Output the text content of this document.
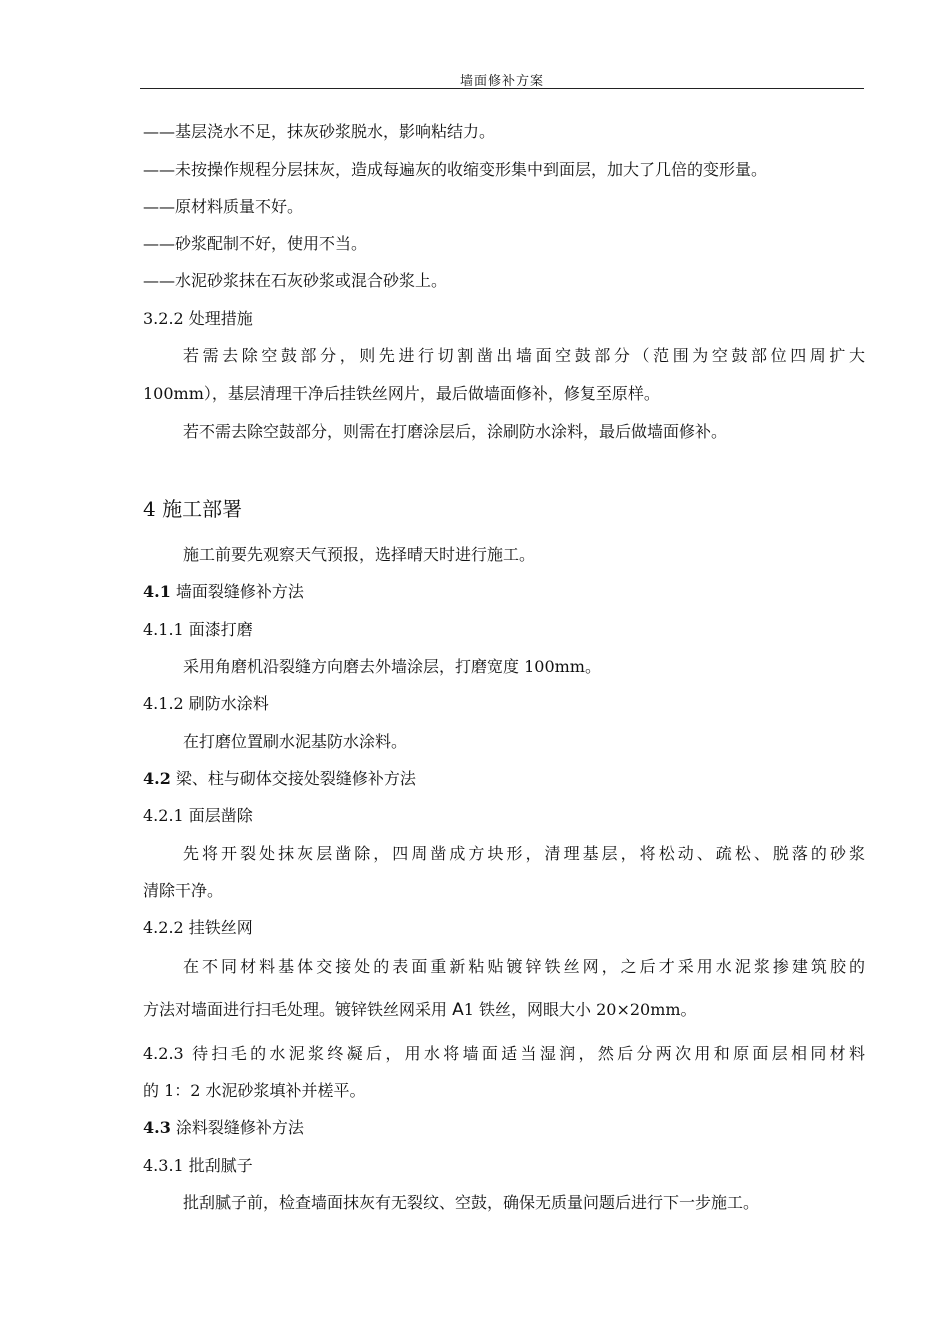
墙面修补方案
——基层浇水不足，抹灰砂浆脱水，影响粘结力。
——未按操作规程分层抹灰，造成每遍灰的收缩变形集中到面层，加大了几倍的变形量。
——原材料质量不好。
——砂浆配制不好，使用不当。
——水泥砂浆抹在石灰砂浆或混合砂浆上。
3.2.2 处理措施
若需去除空鼓部分，则先进行切割凿出墙面空鼓部分（范围为空鼓部位四周扩大
100mm），基层清理干净后挂铁丝网片，最后做墙面修补，修复至原样。
若不需去除空鼓部分，则需在打磨涂层后，涂刷防水涂料，最后做墙面修补。
4 施工部署
施工前要先观察天气预报，选择晴天时进行施工。
4.1 墙面裂缝修补方法
4.1.1 面漆打磨
采用角磨机沿裂缝方向磨去外墙涂层，打磨宽度 100mm。
4.1.2 刷防水涂料
在打磨位置刷水泥基防水涂料。
4.2 梁、柱与砌体交接处裂缝修补方法
4.2.1 面层凿除
先将开裂处抹灰层凿除，四周凿成方块形，清理基层，将松动、疏松、脱落的砂浆
清除干净。
4.2.2 挂铁丝网
在不同材料基体交接处的表面重新粘贴镀锌铁丝网，之后才采用水泥浆掺建筑胶的
方法对墙面进行扫毛处理。镀锌铁丝网采用 A1 铁丝，网眼大小 20×20mm。
4.2.3 待扫毛的水泥浆终凝后，用水将墙面适当湿润，然后分两次用和原面层相同材料
的 1：2 水泥砂浆填补并槎平。
4.3 涂料裂缝修补方法
4.3.1 批刮腻子
批刮腻子前，检查墙面抹灰有无裂纹、空鼓，确保无质量问题后进行下一步施工。
